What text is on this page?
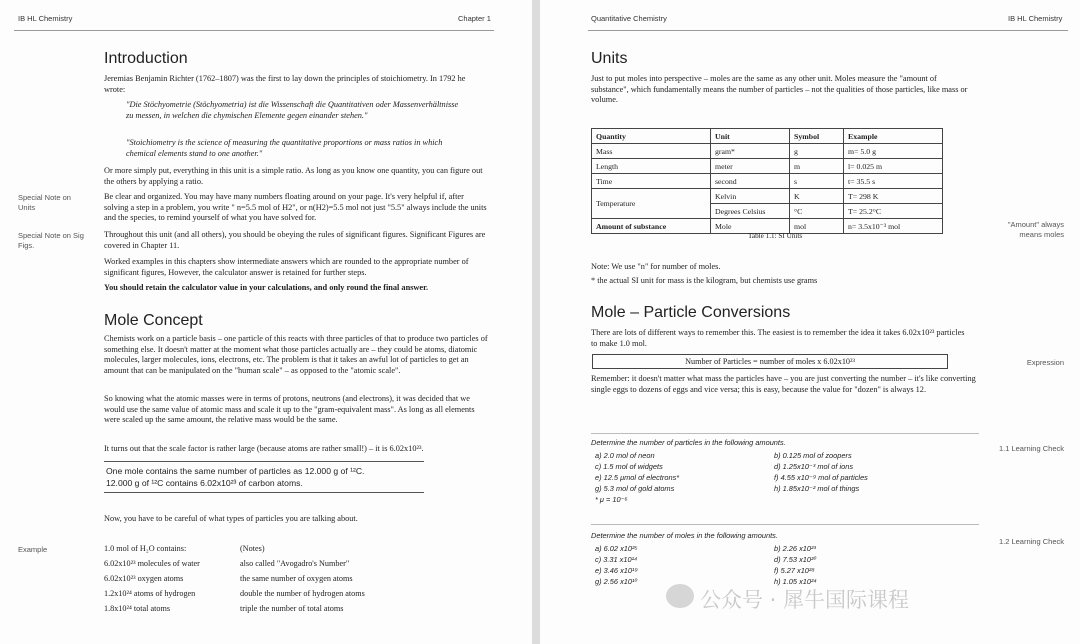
IB HL Chemistry	Chapter 1
Introduction

Jeremias Benjamin Richter (1762–1807) was the first to lay down the principles of stoichiometry. In 1792 he wrote:

"Die Stöchyometrie (Stöchyometria) ist die Wissenschaft die Quantitativen oder Massenverhältnisse zu messen, in welchen die chymischen Elemente gegen einander stehen."

"Stoichiometry is the science of measuring the quantitative proportions or mass ratios in which chemical elements stand to one another."

Or more simply put, everything in this unit is a simple ratio. As long as you know one quantity, you can figure out the others by applying a ratio.

Special Note on Units

Be clear and organized. You may have many numbers floating around on your page. It's very helpful if, after solving a step in a problem, you write " n=5.5 mol of H2", or n(H2)=5.5 mol not just "5.5" always include the units and the species, to remind yourself of what you have solved for.

Special Note on Sig Figs.

Throughout this unit (and all others), you should be obeying the rules of significant figures. Significant Figures are covered in Chapter 11.

Worked examples in this chapters show intermediate answers which are rounded to the appropriate number of significant figures, However, the calculator answer is retained for further steps.

You should retain the calculator value in your calculations, and only round the final answer.

Mole Concept

Chemists work on a particle basis – one particle of this reacts with three particles of that to produce two particles of something else. It doesn't matter at the moment what those particles actually are – they could be atoms, diatomic molecules, larger molecules, ions, electrons, etc. The problem is that it takes an awful lot of particles to get an amount that can be manipulated on the "human scale" – as opposed to the "atomic scale".

So knowing what the atomic masses were in terms of protons, neutrons (and electrons), it was decided that we would use the same value of atomic mass and scale it up to the "gram-equivalent mass". As long as all elements were scaled up the same amount, the relative mass would be the same.

It turns out that the scale factor is rather large (because atoms are rather small!) – it is 6.02x10²³.

One mole contains the same number of particles as 12.000 g of ¹²C.
12.000 g of ¹²C contains 6.02x10²³ of carbon atoms.

Now, you have to be careful of what types of particles you are talking about.

Example	1.0 mol of H₂O contains:	(Notes)
6.02x10²³ molecules of water	also called "Avogadro's Number"
6.02x10²³ oxygen atoms	the same number of oxygen atoms
1.2x10²⁴ atoms of hydrogen	double the number of hydrogen atoms
1.8x10²⁴ total atoms	triple the number of total atoms
Quantitative Chemistry	IB HL Chemistry
Units

Just to put moles into perspective – moles are the same as any other unit. Moles measure the "amount of substance", which fundamentally means the number of particles – not the qualities of those particles, like mass or volume.

Quantity	Unit	Symbol	Example
Mass	gram*	g	m= 5.0 g
Length	meter	m	l= 0.025 m
Time	second	s	t= 35.5 s
Temperature	Kelvin	K	T= 298 K
	Degrees Celsius	°C	T= 25.2°C
Amount of substance	Mole	mol	n= 3.5x10⁻³ mol
Table 1.1: SI Units

"Amount" always means moles

Note: We use "n" for number of moles.

* the actual SI unit for mass is the kilogram, but chemists use grams

Mole – Particle Conversions

There are lots of different ways to remember this. The easiest is to remember the idea it takes 6.02x10²³ particles to make 1.0 mol.

Number of Particles = number of moles x 6.02x10²³	Expression

Remember: it doesn't matter what mass the particles have – you are just converting the number – it's like converting single eggs to dozens of eggs and vice versa; this is easy, because the value for "dozen" is always 12.

1.1 Learning Check

Determine the number of particles in the following amounts.
a) 2.0 mol of neon	b) 0.125 mol of zoopers
c) 1.5 mol of widgets	d) 1.25x10⁻³ mol of ions
e) 12.5 μmol of electrons*	f) 4.55 x10⁻⁹ mol of particles
g) 5.3 mol of gold atoms	h) 1.85x10⁻² mol of things
* μ = 10⁻⁶

1.2 Learning Check

Determine the number of moles in the following amounts.
a) 6.02 x10²⁵	b) 2.26 x10²³
c) 3.31 x10¹⁴	d) 7.53 x10²⁰
e) 3.46 x10¹⁹	f) 5.27 x10²⁸
g) 2.56 x10¹⁰	h) 1.05 x10²⁴
公众号 · 犀牛国际课程
